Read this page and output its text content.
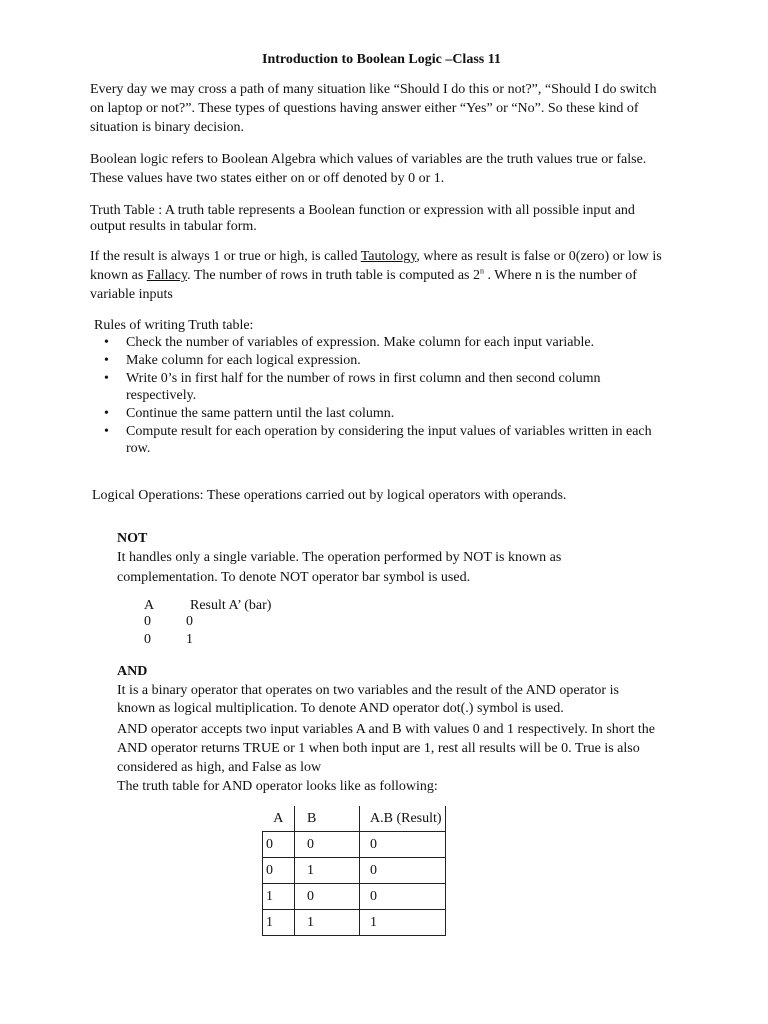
Introduction to Boolean Logic –Class 11
Every day we may cross a path of many situation like “Should I do this or not?”, “Should I do switch
on laptop or not?”. These types of questions having answer either “Yes” or “No”. So these kind of
situation is binary decision.
Boolean logic refers to Boolean Algebra which values of variables are the truth values true or false.
These values have two states either on or off denoted by 0 or 1.
Truth Table : A truth table represents a Boolean function or expression with all possible input and
output results in tabular form.
If the result is always 1 or true or high, is called Tautology, where as result is false or 0(zero) or low is
known as Fallacy. The number of rows in truth table is computed as 2$^n$ . Where n is the number of
variable inputs
Rules of writing Truth table:
• Check the number of variables of expression. Make column for each input variable.
• Make column for each logical expression.
• Write 0’s in first half for the number of rows in first column and then second column
respectively.
• Continue the same pattern until the last column.
• Compute result for each operation by considering the input values of variables written in each
row.
Logical Operations: These operations carried out by logical operators with operands.
NOT
It handles only a single variable. The operation performed by NOT is known as
complementation. To denote NOT operator bar symbol is used.
A	Result A’ (bar)
0	0
0	1
AND
It is a binary operator that operates on two variables and the result of the AND operator is
known as logical multiplication. To denote AND operator dot(.) symbol is used.
AND operator accepts two input variables A and B with values 0 and 1 respectively. In short the
AND operator returns TRUE or 1 when both input are 1, rest all results will be 0. True is also
considered as high, and False as low
The truth table for AND operator looks like as following:
A	B	A.B (Result)
0	0	0
0	1	0
1	0	0
1	1	1
